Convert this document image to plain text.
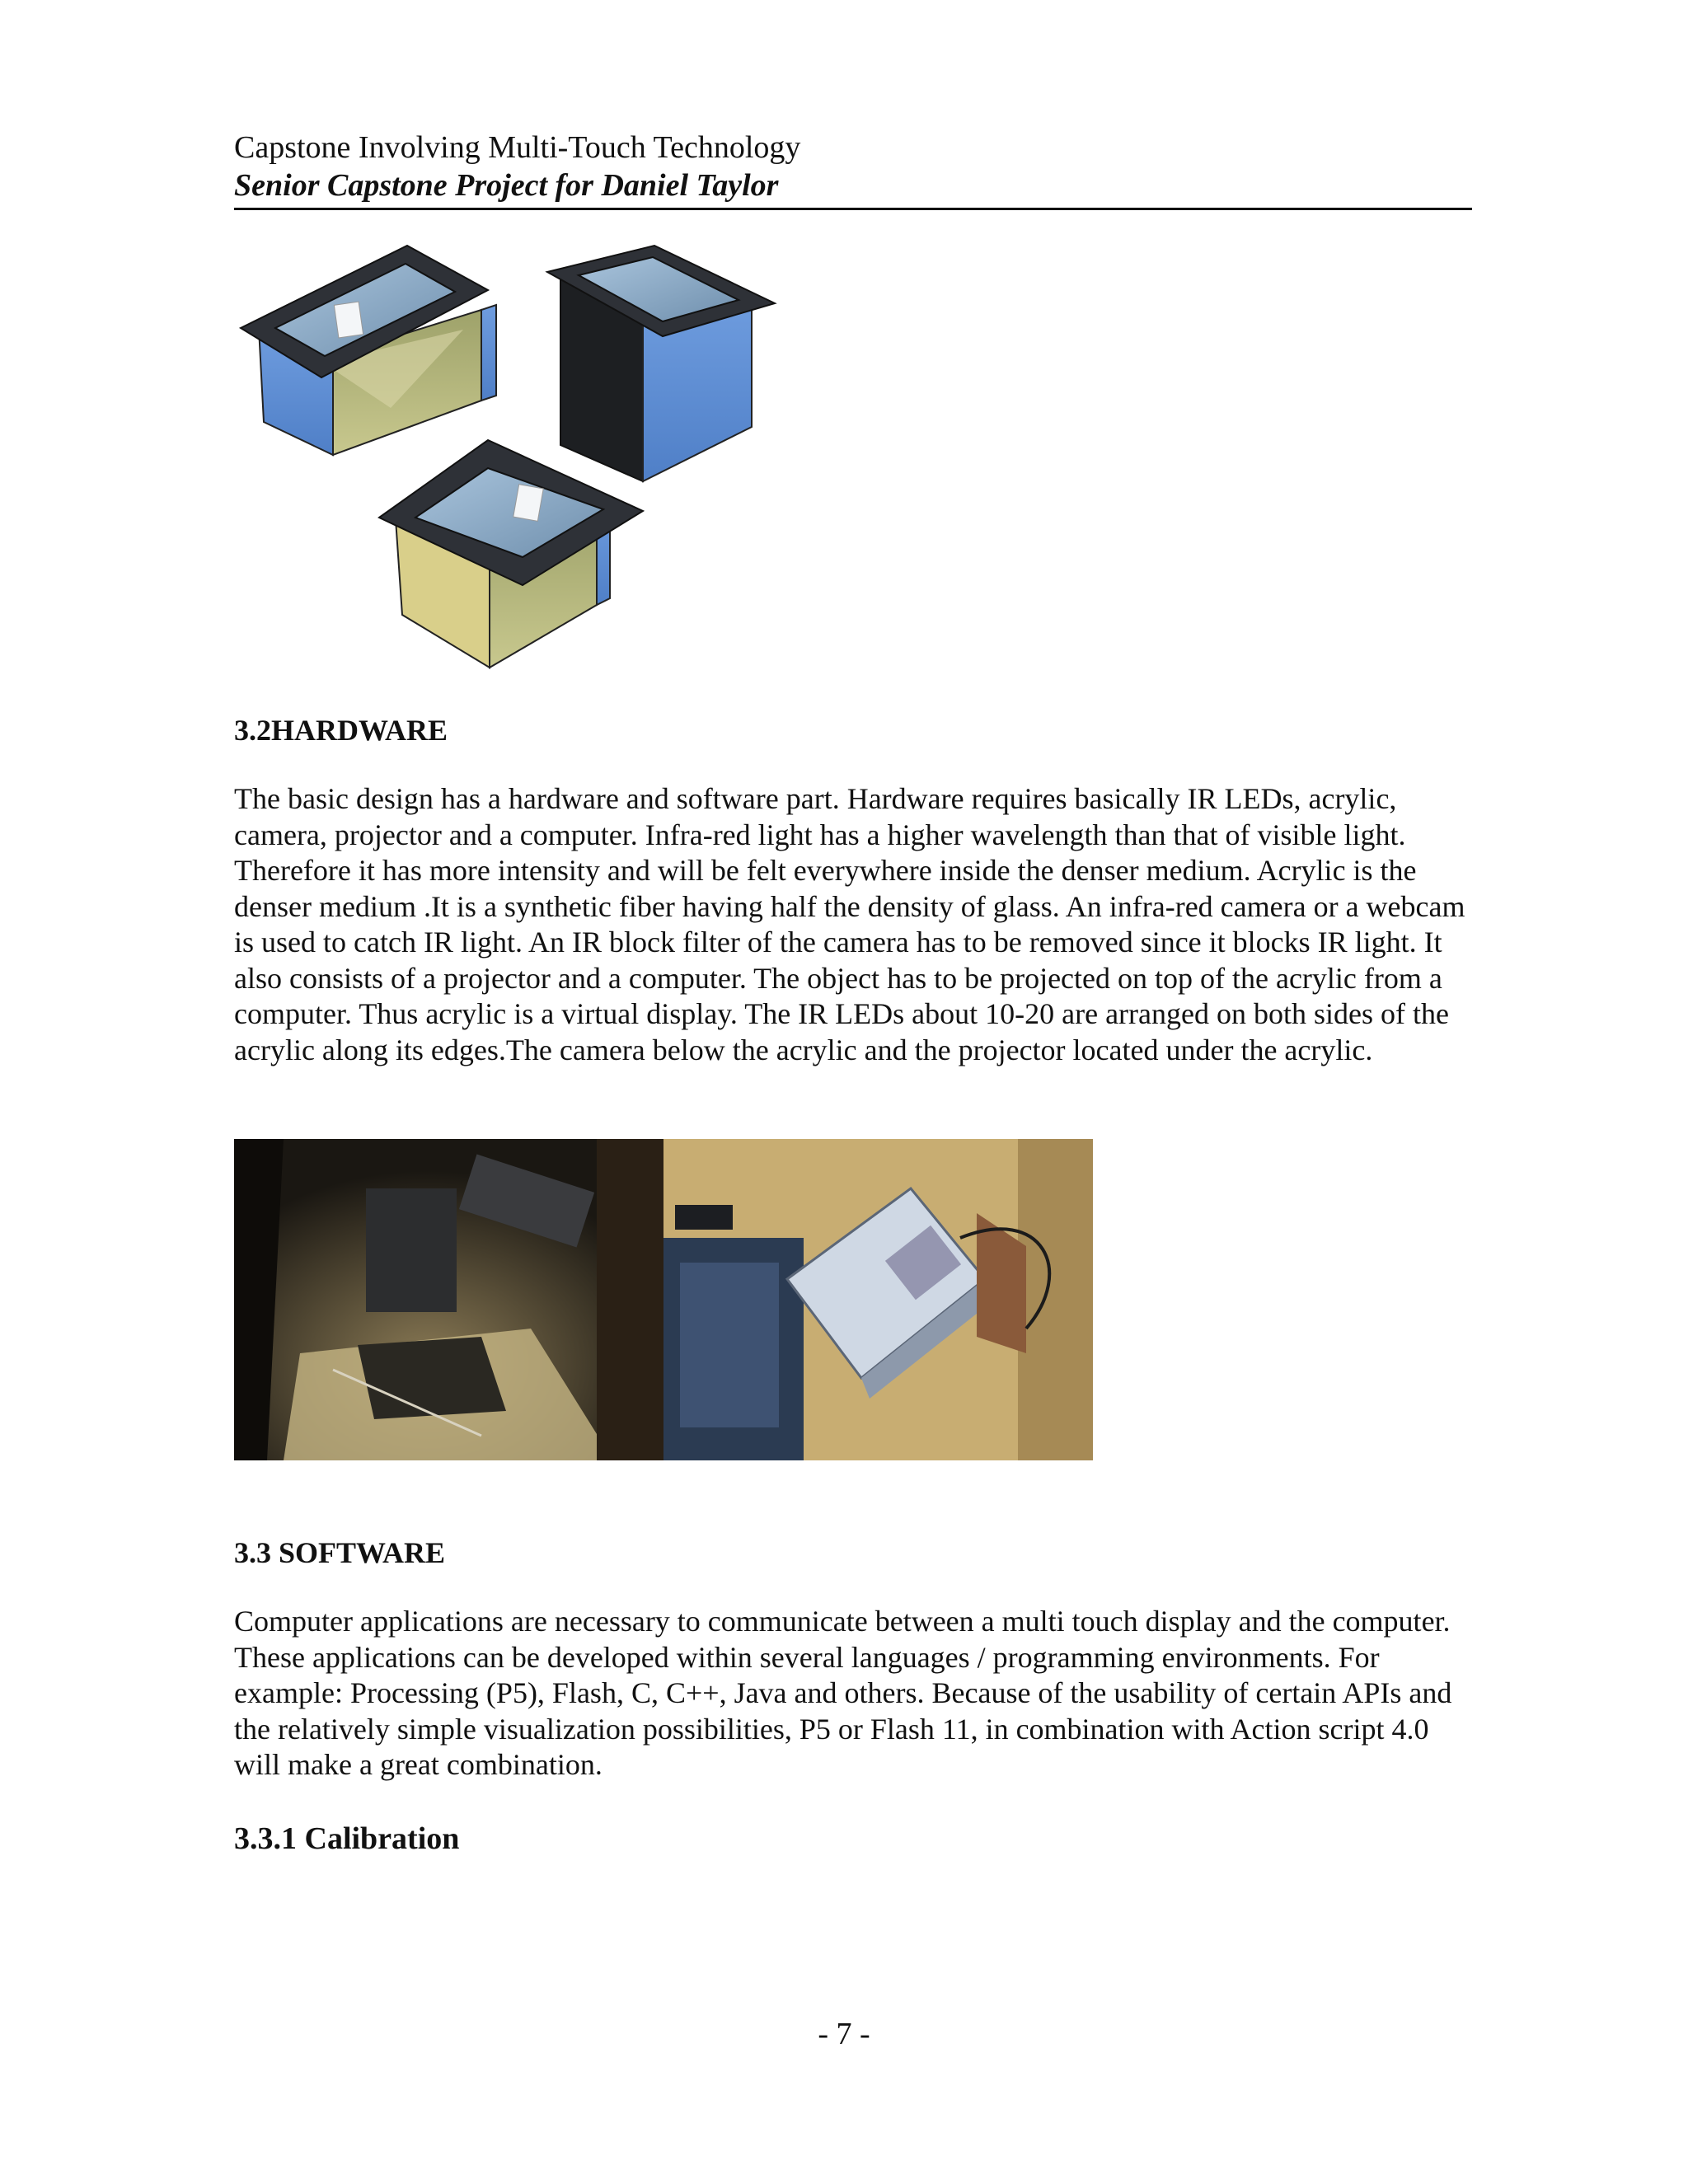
Capstone Involving Multi-Touch Technology
Senior Capstone Project for Daniel Taylor
3.2HARDWARE

The basic design has a hardware and software part. Hardware requires basically IR LEDs, acrylic, camera, projector and a computer. Infra-red light has a higher wavelength than that of visible light. Therefore it has more intensity and will be felt everywhere inside the denser medium. Acrylic is the denser medium .It is a synthetic fiber having half the density of glass. An infra-red camera or a webcam is used to catch IR light. An IR block filter of the camera has to be removed since it blocks IR light. It also consists of a projector and a computer. The object has to be projected on top of the acrylic from a computer. Thus acrylic is a virtual display. The IR LEDs about 10-20 are arranged on both sides of the acrylic along its edges.The camera below the acrylic and the projector located under the acrylic.

3.3 SOFTWARE

Computer applications are necessary to communicate between a multi touch display and the computer. These applications can be developed within several languages / programming environments. For example: Processing (P5), Flash, C, C++, Java and others. Because of the usability of certain APIs and the relatively simple visualization possibilities, P5 or Flash 11, in combination with Action script 4.0 will make a great combination.

3.3.1 Calibration
- 7 -
